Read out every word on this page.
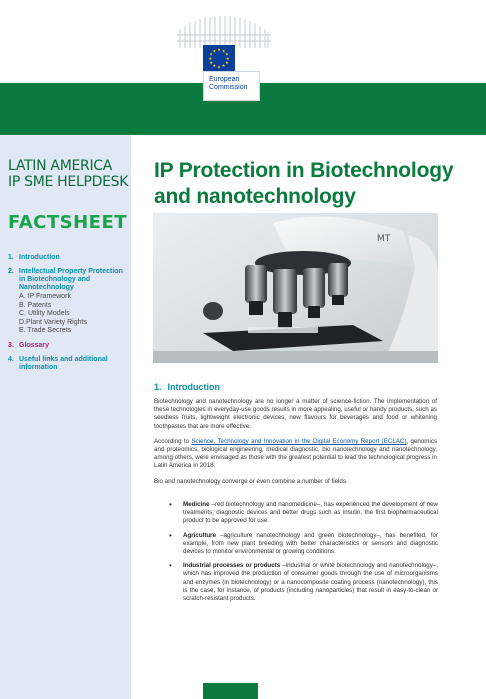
★ ★
★
★
★
★
★
★
★
★
★
★
European
Commission
LATIN AMERICA
IP SME HELPDESK
FACTSHEET
1. Introduction
2. Intellectual Property Protection in Biotechnology and Nanotechnology
A. IP Framework
B. Patents
C. Utility Models
D.Plant Variety Rights
E. Trade Secrets
3. Glossary
4. Useful links and additional information
IP Protection in Biotechnology and nanotechnology
MT
1. Introduction

Biotechnology and nanotechnology are no longer a matter of science-fiction. The implementation of these technologies in everyday-use goods results in more appealing, useful or handy products, such as seedless fruits, lightweight electronic devices, new flavours for beverages and food or whitening toothpastes that are more effective.

According to Science, Technology and Innovation in the Digital Economy Report (ECLAC), genomics and proteomics, biological engineering, medical diagnostic, bio nanotechnology and nanotechnology, among others, were envisaged as those with the greatest potential to lead the technological progress in Latin America in 2018.

Bio and nanotechnology converge or even combine a number of fields.

•	Medicine –red biotechnology and nanomedicine–, has experienced the development of new treatments, diagnostic devices and better drugs such as insulin, the first biopharmaceutical product to be approved for use.
•	Agriculture –agriculture nanotechnology and green biotechnology–, has benefited, for example, from new plant breeding with better characteristics or sensors and diagnostic devices to monitor environmental or growing conditions.
•	Industrial processes or products –industrial or white biotechnology and nanotechnology–, which has improved the production of consumer goods through the use of microorganisms and enzymes (in biotechnology) or a nanocomposite coating process (nanotechnology), this is the case, for instance, of products (including nanoparticles) that result in easy-to-clean or scratch-resistant products.
